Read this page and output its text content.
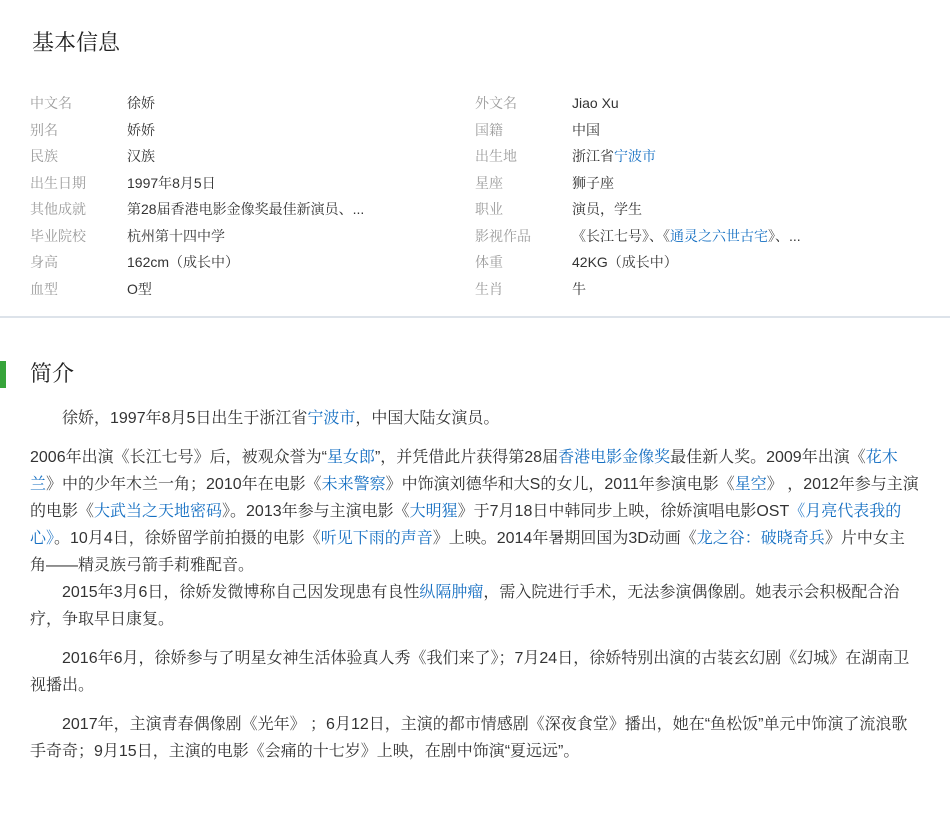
基本信息
中文名	徐娇
别名	娇娇
民族	汉族
出生日期	1997年8月5日
其他成就	第28届香港电影金像奖最佳新演员、...
毕业院校	杭州第十四中学
身高	162cm（成长中）
血型	O型
外文名	Jiao Xu
国籍	中国
出生地	浙江省宁波市
星座	狮子座
职业	演员，学生
影视作品	《长江七号》、《通灵之六世古宅》、...
体重	42KG（成长中）
生肖	牛
简介

徐娇，1997年8月5日出生于浙江省宁波市，中国大陆女演员。

2006年出演《长江七号》后，被观众誉为“星女郎”，并凭借此片获得第28届香港电影金像奖最佳新人奖。2009年出演《花木兰》中的少年木兰一角；2010年在电影《未来警察》中饰演刘德华和大S的女儿，2011年参演电影《星空》 ，2012年参与主演的电影《大武当之天地密码》。2013年参与主演电影《大明猩》于7月18日中韩同步上映，徐娇演唱电影OST《月亮代表我的心》。10月4日，徐娇留学前拍摄的电影《听见下雨的声音》上映。2014年暑期回国为3D动画《龙之谷：破晓奇兵》片中女主角——精灵族弓箭手莉雅配音。

2015年3月6日，徐娇发微博称自己因发现患有良性纵隔肿瘤，需入院进行手术，无法参演偶像剧。她表示会积极配合治疗，争取早日康复。

2016年6月，徐娇参与了明星女神生活体验真人秀《我们来了》；7月24日，徐娇特别出演的古装玄幻剧《幻城》在湖南卫视播出。

2017年，主演青春偶像剧《光年》 ；6月12日，主演的都市情感剧《深夜食堂》播出，她在“鱼松饭”单元中饰演了流浪歌手奇奇；9月15日，主演的电影《会痛的十七岁》上映，在剧中饰演“夏远远”。
